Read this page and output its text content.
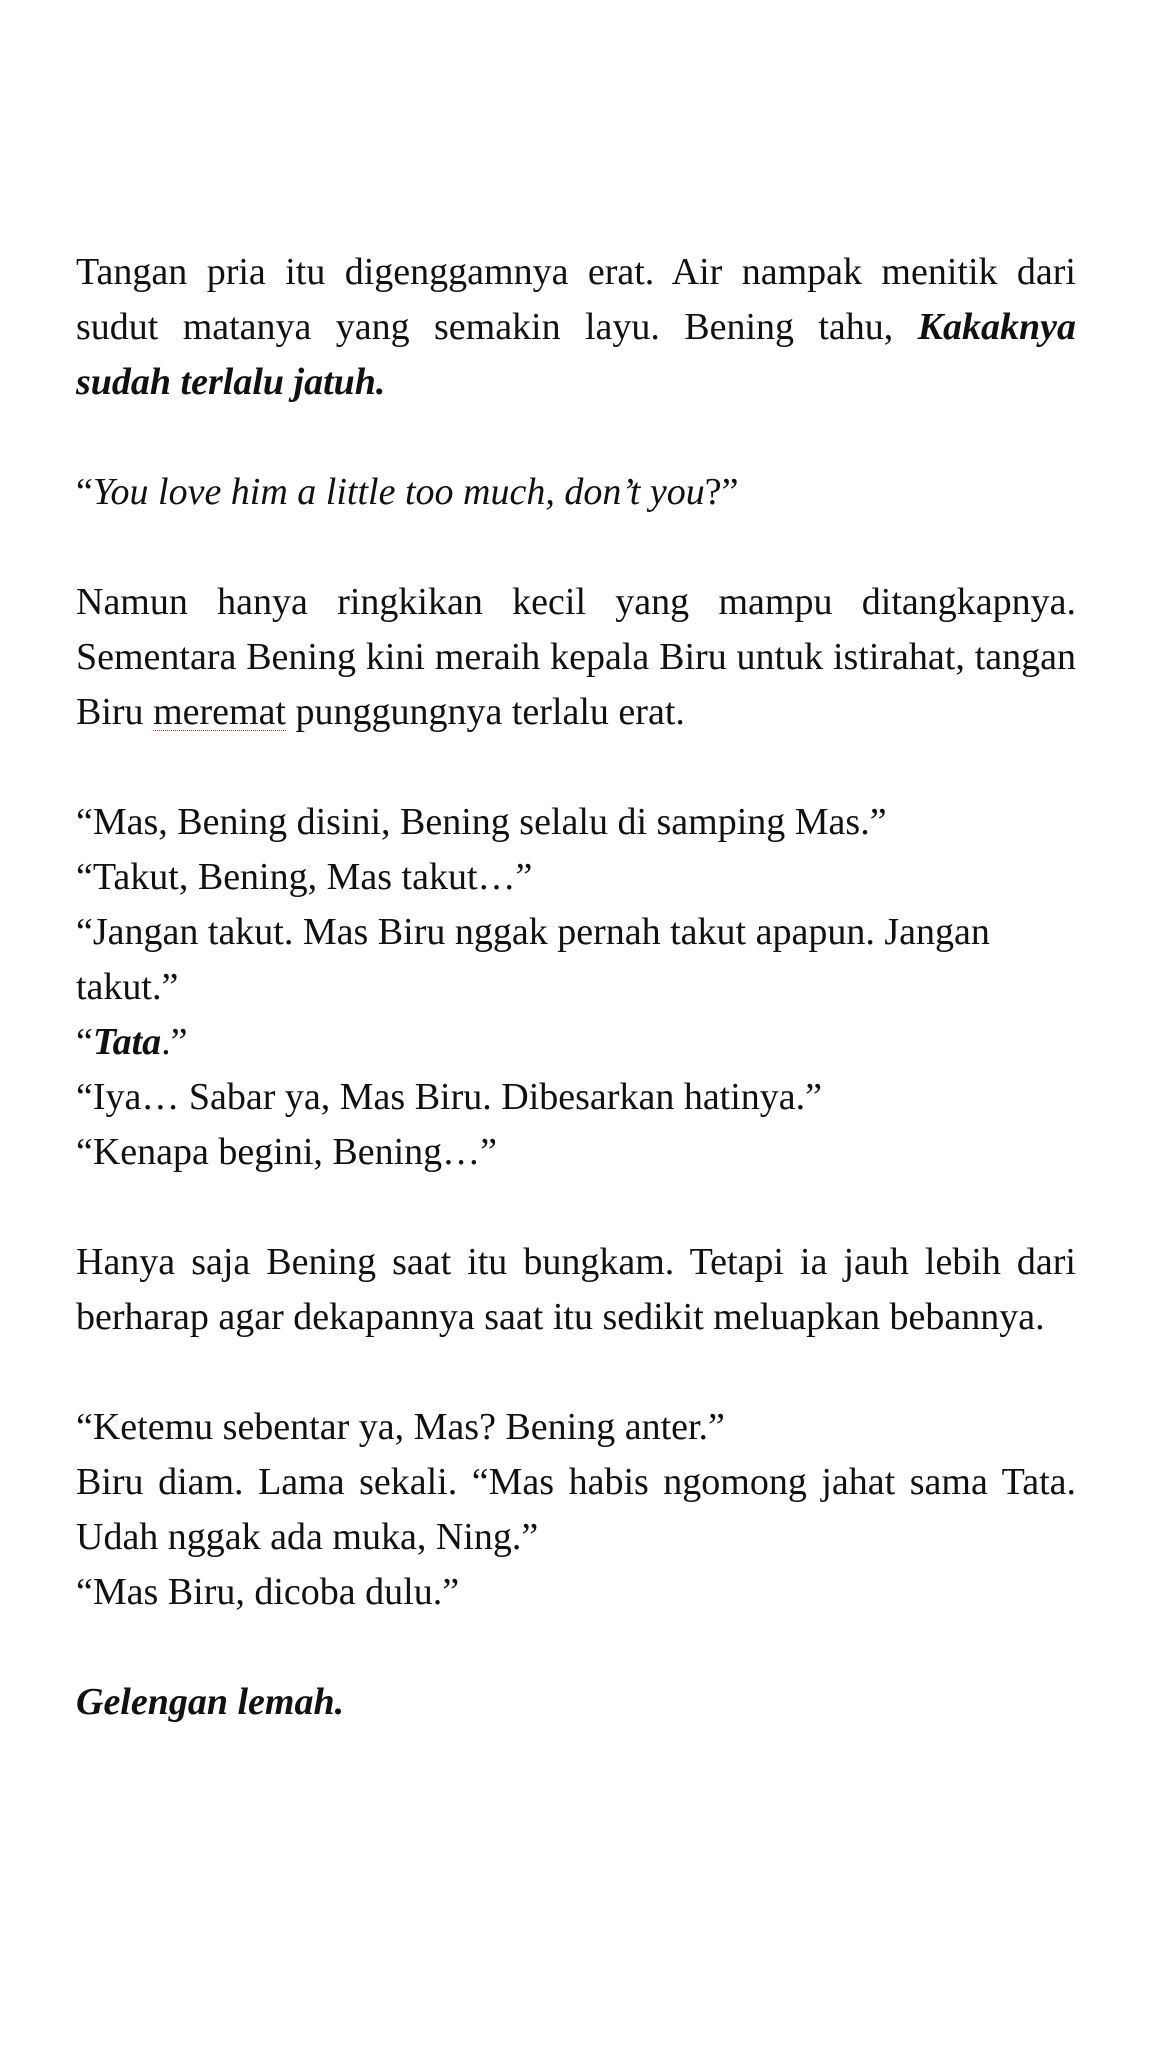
Tangan pria itu digenggamnya erat. Air nampak menitik dari sudut matanya yang semakin layu. Bening tahu, Kakaknya sudah terlalu jatuh.

“You love him a little too much, don’t you?”

Namun hanya ringkikan kecil yang mampu ditangkapnya. Sementara Bening kini meraih kepala Biru untuk istirahat, tangan Biru meremat punggungnya terlalu erat.

“Mas, Bening disini, Bening selalu di samping Mas.”

“Takut, Bening, Mas takut…”

“Jangan takut. Mas Biru nggak pernah takut apapun. Jangan takut.”

“Tata.”

“Iya… Sabar ya, Mas Biru. Dibesarkan hatinya.”

“Kenapa begini, Bening…”

Hanya saja Bening saat itu bungkam. Tetapi ia jauh lebih dari berharap agar dekapannya saat itu sedikit meluapkan bebannya.

“Ketemu sebentar ya, Mas? Bening anter.”

Biru diam. Lama sekali. “Mas habis ngomong jahat sama Tata. Udah nggak ada muka, Ning.”

“Mas Biru, dicoba dulu.”

Gelengan lemah.
